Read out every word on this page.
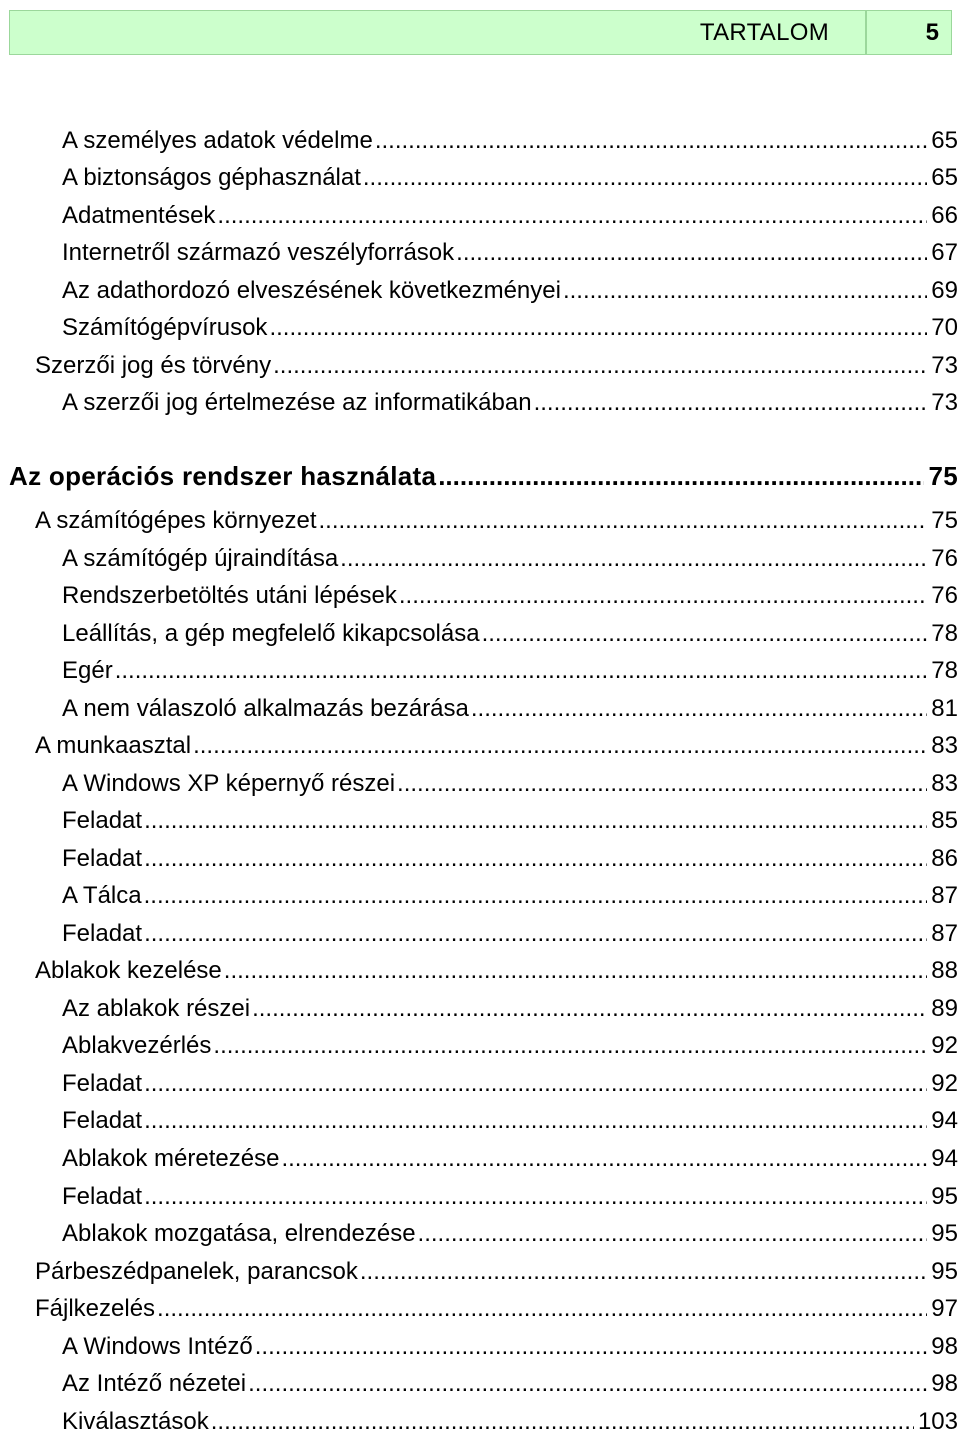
TARTALOM	5
A személyes adatok védelme .....	65
A biztonságos géphasználat .....	65
Adatmentések .....	66
Internetről származó veszélyforrások .....	67
Az adathordozó elveszésének következményei .....	69
Számítógépvírusok .....	70
Szerzői jog és törvény .....	73
A szerzői jog értelmezése az informatikában .....	73
Az operációs rendszer használata .....	75
A számítógépes környezet .....	75
A számítógép újraindítása .....	76
Rendszerbetöltés utáni lépések .....	76
Leállítás, a gép megfelelő kikapcsolása .....	78
Egér .....	78
A nem válaszoló alkalmazás bezárása .....	81
A munkaasztal .....	83
A Windows XP képernyő részei .....	83
Feladat .....	85
Feladat .....	86
A Tálca .....	87
Feladat .....	87
Ablakok kezelése .....	88
Az ablakok részei .....	89
Ablakvezérlés .....	92
Feladat .....	92
Feladat .....	94
Ablakok méretezése .....	94
Feladat .....	95
Ablakok mozgatása, elrendezése .....	95
Párbeszédpanelek, parancsok .....	95
Fájlkezelés .....	97
A Windows Intéző .....	98
Az Intéző nézetei .....	98
Kiválasztások .....	103
